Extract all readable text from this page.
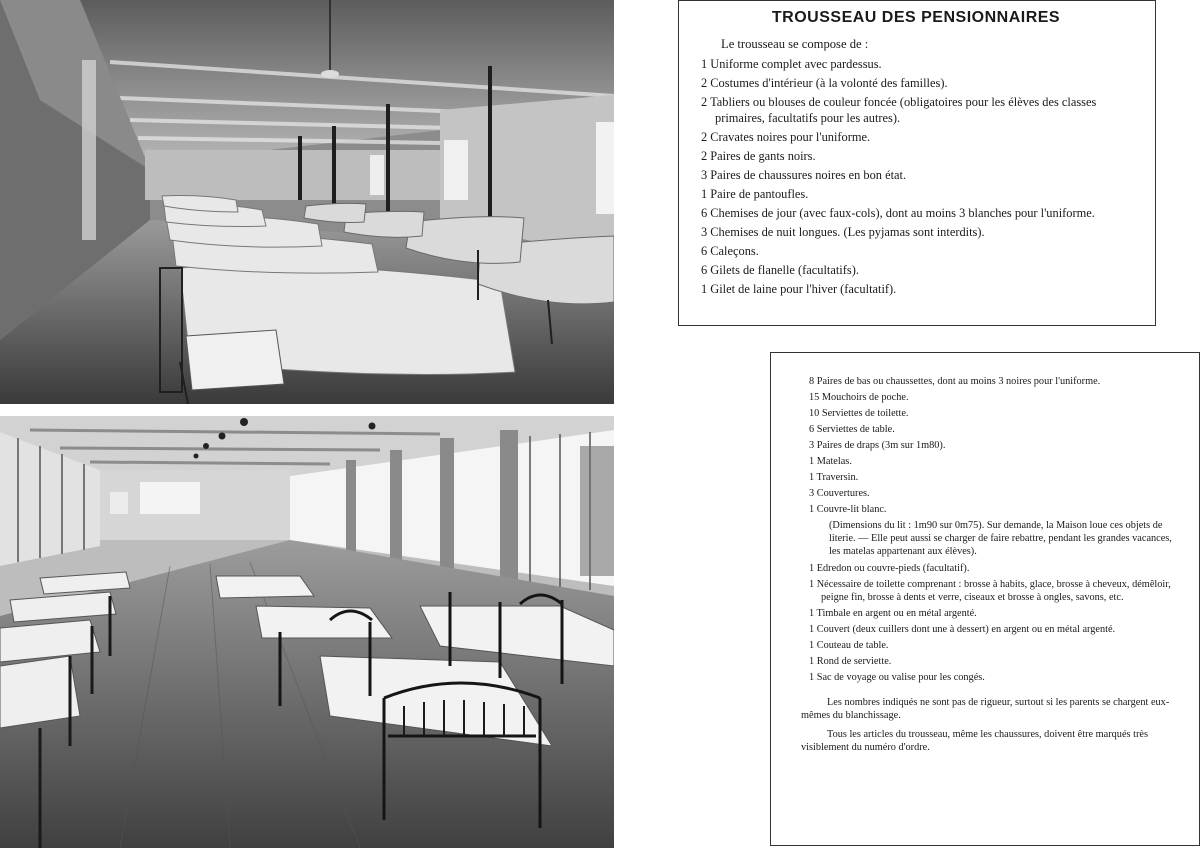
TROUSSEAU DES PENSIONNAIRES
Le trousseau se compose de :
1 Uniforme complet avec pardessus.
2 Costumes d'intérieur (à la volonté des familles).
2 Tabliers ou blouses de couleur foncée (obligatoires pour les élèves des classes primaires, facultatifs pour les autres).
2 Cravates noires pour l'uniforme.
2 Paires de gants noirs.
3 Paires de chaussures noires en bon état.
1 Paire de pantoufles.
6 Chemises de jour (avec faux-cols), dont au moins 3 blanches pour l'uniforme.
3 Chemises de nuit longues. (Les pyjamas sont interdits).
6 Caleçons.
6 Gilets de flanelle (facultatifs).
1 Gilet de laine pour l'hiver (facultatif).
8 Paires de bas ou chaussettes, dont au moins 3 noires pour l'uniforme.
15 Mouchoirs de poche.
10 Serviettes de toilette.
6 Serviettes de table.
3 Paires de draps (3m sur 1m80).
1 Matelas.
1 Traversin.
3 Couvertures.
1 Couvre-lit blanc.
(Dimensions du lit : 1m90 sur 0m75). Sur demande, la Maison loue ces objets de literie. — Elle peut aussi se charger de faire rebattre, pendant les grandes vacances, les matelas appartenant aux élèves).
1 Edredon ou couvre-pieds (facultatif).
1 Nécessaire de toilette comprenant : brosse à habits, glace, brosse à cheveux, démêloir, peigne fin, brosse à dents et verre, ciseaux et brosse à ongles, savons, etc.
1 Timbale en argent ou en métal argenté.
1 Couvert (deux cuillers dont une à dessert) en argent ou en métal argenté.
1 Couteau de table.
1 Rond de serviette.
1 Sac de voyage ou valise pour les congés.

Les nombres indiqués ne sont pas de rigueur, surtout si les parents se chargent eux-mêmes du blanchissage.

Tous les articles du trousseau, même les chaussures, doivent être marqués très visiblement du numéro d'ordre.
